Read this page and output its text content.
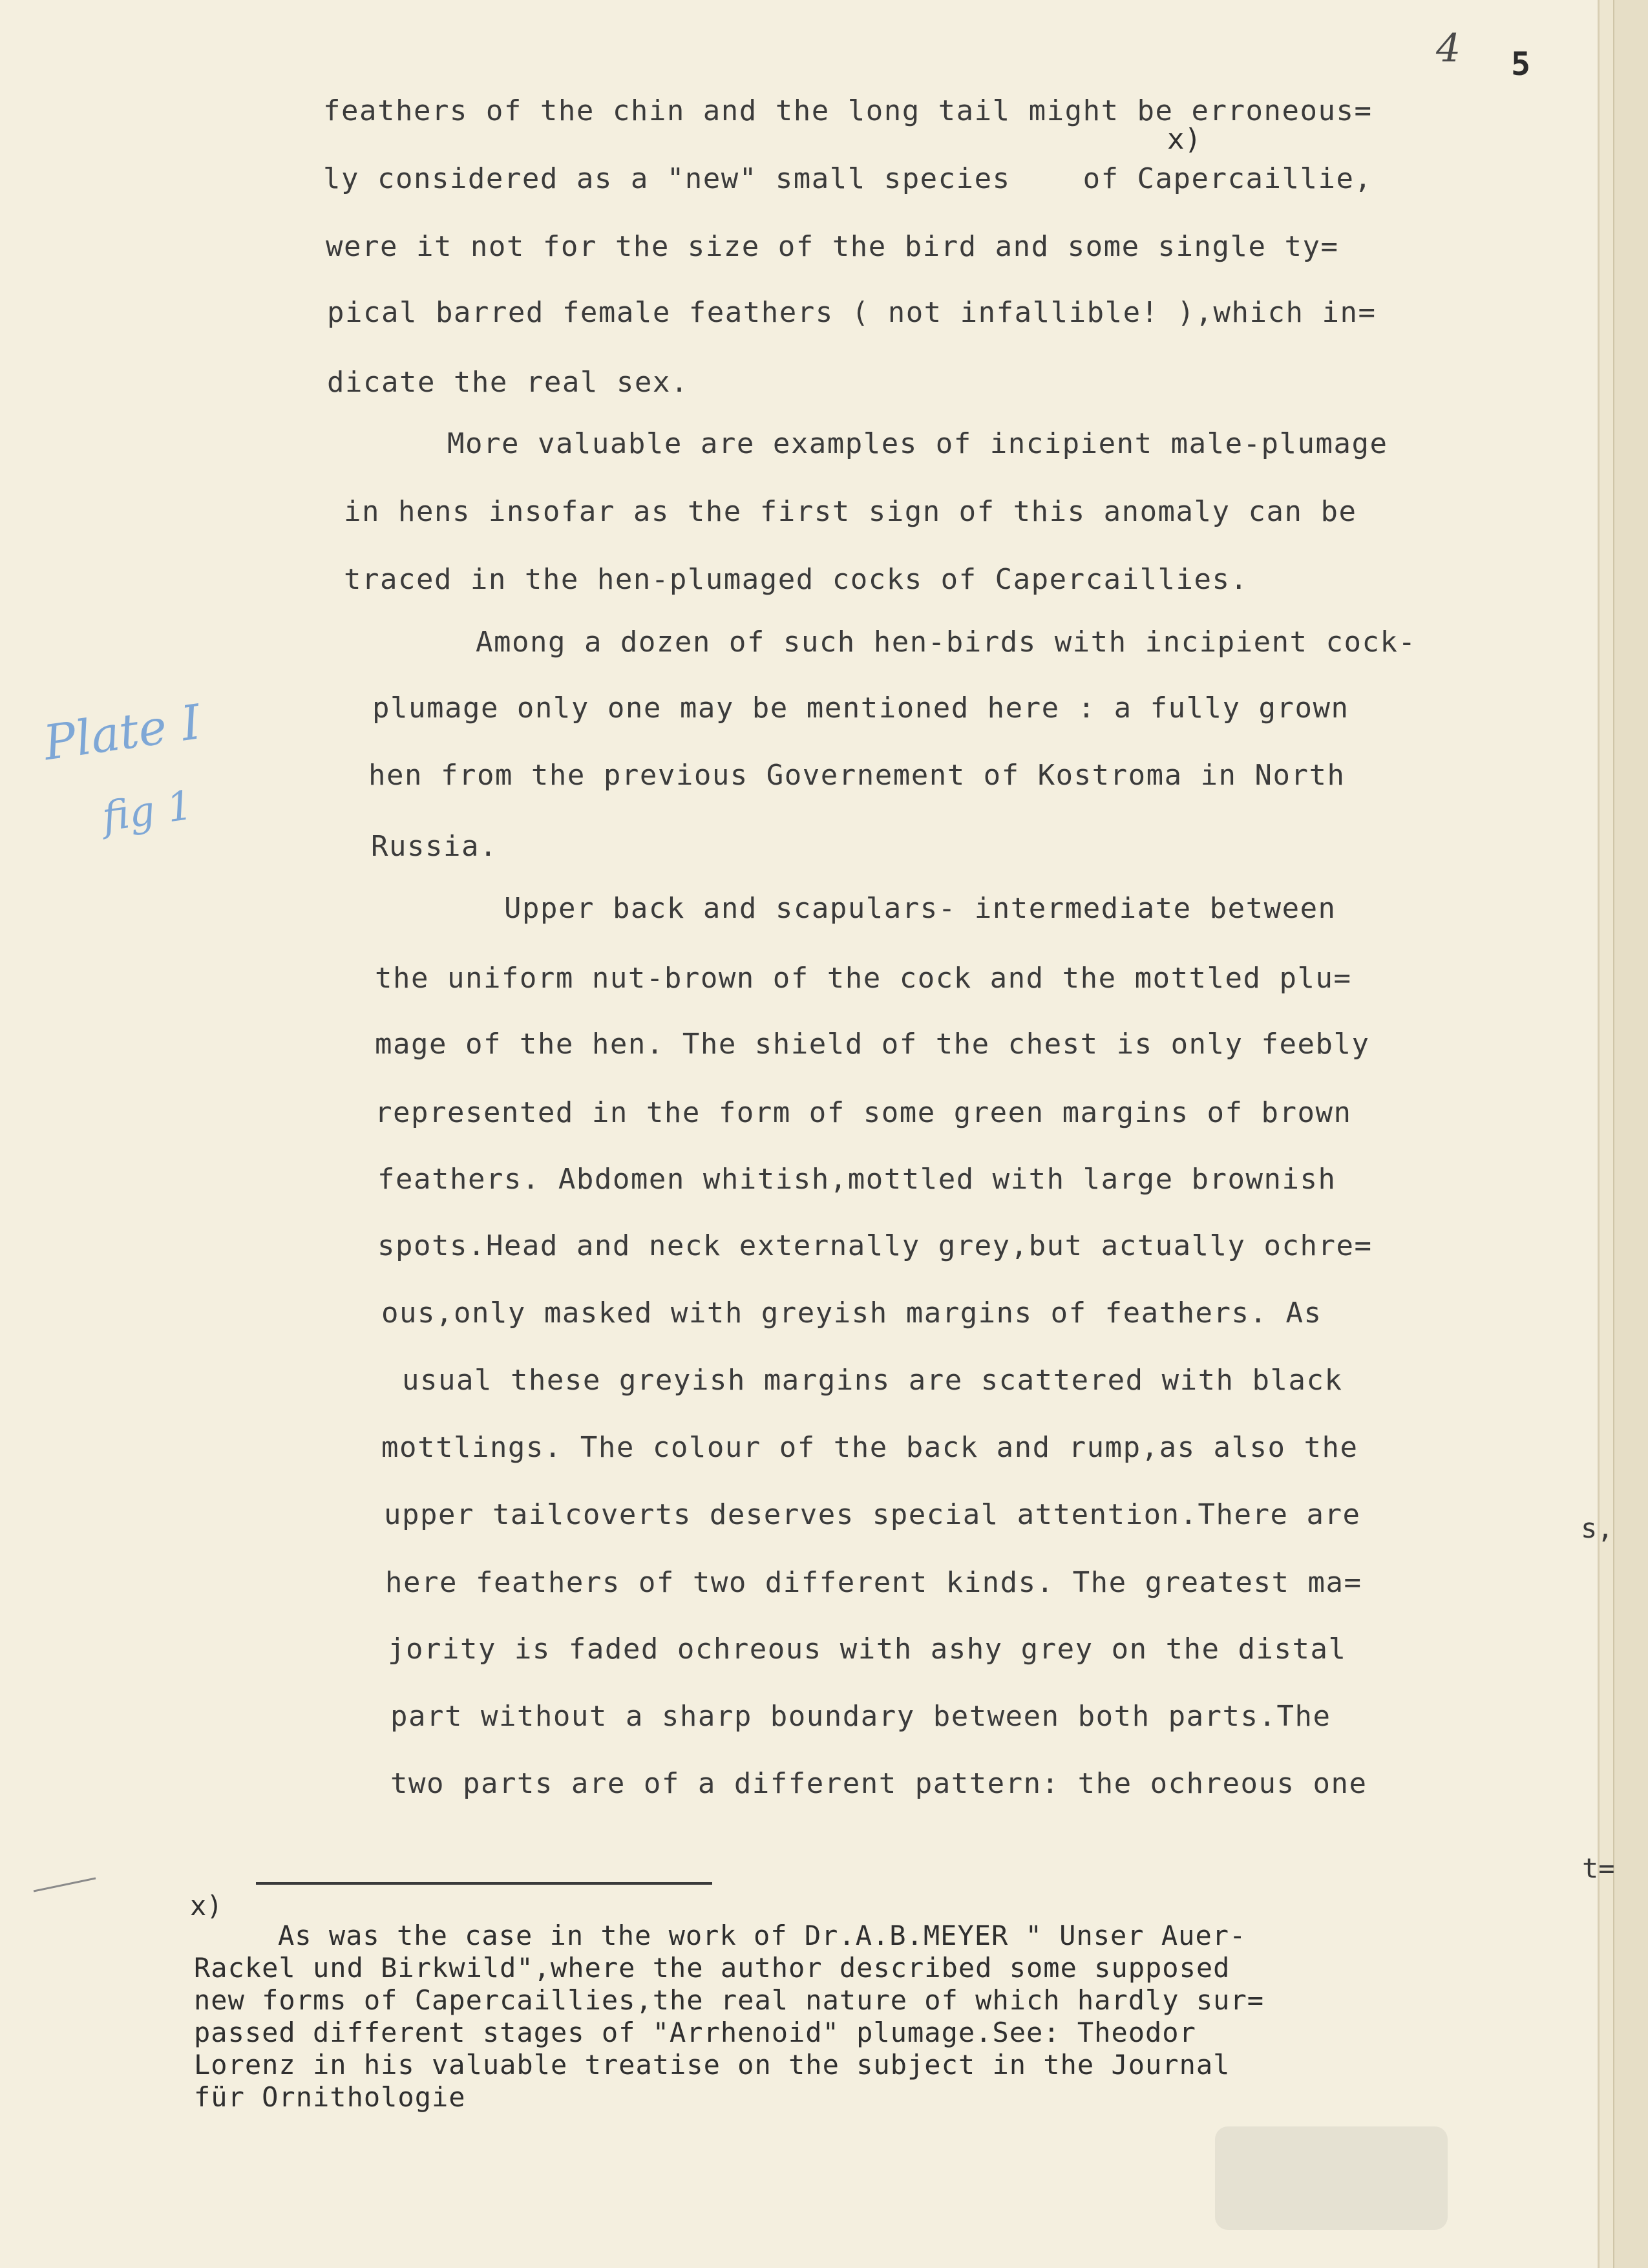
s,
t=
4 5
x)
feathers of the chin and the long tail might be erroneous=
ly considered as a "new" small species    of Capercaillie,
were it not for the size of the bird and some single ty=
pical barred female feathers ( not infallible! ),which in=
dicate the real sex.
More valuable are examples of incipient male-plumage
in hens insofar as the first sign of this anomaly can be
traced in the hen-plumaged cocks of Capercaillies.
Among a dozen of such hen-birds with incipient cock-
plumage only one may be mentioned here : a fully grown
hen from the previous Governement of Kostroma in North
Russia.
Upper back and scapulars- intermediate between
the uniform nut-brown of the cock and the mottled plu=
mage of the hen. The shield of the chest is only feebly
represented in the form of some green margins of brown
feathers. Abdomen whitish,mottled with large brownish
spots.Head and neck externally grey,but actually ochre=
ous,only masked with greyish margins of feathers. As
usual these greyish margins are scattered with black
mottlings. The colour of the back and rump,as also the
upper tailcoverts deserves special attention.There are
here feathers of two different kinds. The greatest ma=
jority is faded ochreous with ashy grey on the distal
part without a sharp boundary between both parts.The
two parts are of a different pattern: the ochreous one
x)
As was the case in the work of Dr.A.B.MEYER " Unser Auer-
Rackel und Birkwild",where the author described some supposed
new forms of Capercaillies,the real nature of which hardly sur=
passed different stages of "Arrhenoid" plumage.See: Theodor
Lorenz in his valuable treatise on the subject in the Journal
für Ornithologie
Plate I
fig 1
